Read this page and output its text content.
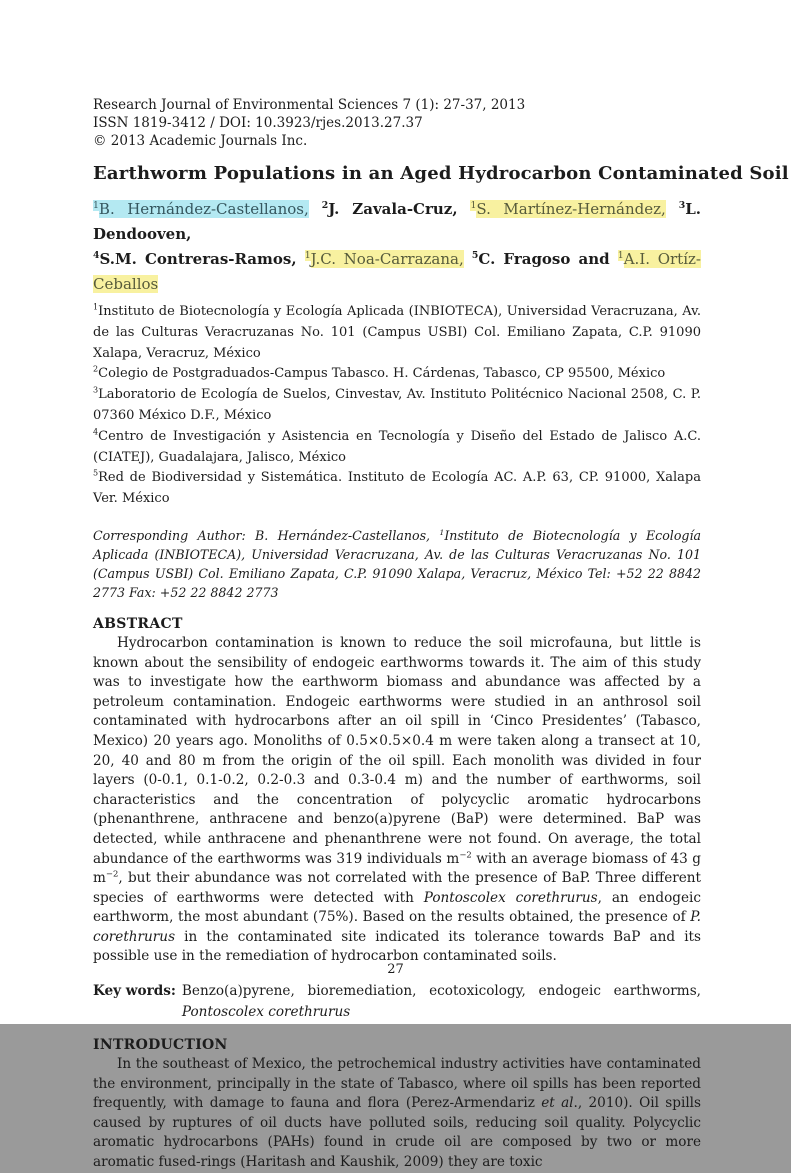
Research Journal of Environmental Sciences 7 (1): 27-37, 2013
ISSN 1819-3412 / DOI: 10.3923/rjes.2013.27.37
© 2013 Academic Journals Inc.
Earthworm Populations in an Aged Hydrocarbon Contaminated Soil
$^1$B. Hernández-Castellanos, $^2$J. Zavala-Cruz, $^1$S. Martínez-Hernández, $^3$L. Dendooven,
$^4$S.M. Contreras-Ramos, $^1$J.C. Noa-Carrazana, $^5$C. Fragoso and $^1$A.I. Ortíz-Ceballos
$^1$Instituto de Biotecnología y Ecología Aplicada (INBIOTECA), Universidad Veracruzana, Av. de las Culturas Veracruzanas No. 101 (Campus USBI) Col. Emiliano Zapata, C.P. 91090 Xalapa, Veracruz, México
$^2$Colegio de Postgraduados-Campus Tabasco. H. Cárdenas, Tabasco, CP 95500, México
$^3$Laboratorio de Ecología de Suelos, Cinvestav, Av. Instituto Politécnico Nacional 2508, C. P. 07360 México D.F., México
$^4$Centro de Investigación y Asistencia en Tecnología y Diseño del Estado de Jalisco A.C. (CIATEJ), Guadalajara, Jalisco, México
$^5$Red de Biodiversidad y Sistemática. Instituto de Ecología AC. A.P. 63, CP. 91000, Xalapa Ver. México
Corresponding Author: B. Hernández-Castellanos, $^1$Instituto de Biotecnología y Ecología Aplicada (INBIOTECA), Universidad Veracruzana, Av. de las Culturas Veracruzanas No. 101 (Campus USBI) Col. Emiliano Zapata, C.P. 91090 Xalapa, Veracruz, México Tel: +52 22 8842 2773 Fax: +52 22 8842 2773
ABSTRACT

Hydrocarbon contamination is known to reduce the soil microfauna, but little is known about the sensibility of endogeic earthworms towards it. The aim of this study was to investigate how the earthworm biomass and abundance was affected by a petroleum contamination. Endogeic earthworms were studied in an anthrosol soil contaminated with hydrocarbons after an oil spill in ‘Cinco Presidentes’ (Tabasco, Mexico) 20 years ago. Monoliths of 0.5×0.5×0.4 m were taken along a transect at 10, 20, 40 and 80 m from the origin of the oil spill. Each monolith was divided in four layers (0-0.1, 0.1-0.2, 0.2-0.3 and 0.3-0.4 m) and the number of earthworms, soil characteristics and the concentration of polycyclic aromatic hydrocarbons (phenanthrene, anthracene and benzo(a)pyrene (BaP) were determined. BaP was detected, while anthracene and phenanthrene were not found. On average, the total abundance of the earthworms was 319 individuals $m^{-2}$ with an average biomass of 43 g $m^{-2}$, but their abundance was not correlated with the presence of BaP. Three different species of earthworms were detected with Pontoscolex corethrurus, an endogeic earthworm, the most abundant (75%). Based on the results obtained, the presence of P. corethrurus in the contaminated site indicated its tolerance towards BaP and its possible use in the remediation of hydrocarbon contaminated soils.

Key words: Benzo(a)pyrene, bioremediation, ecotoxicology, endogeic earthworms,
Pontoscolex corethrurus
INTRODUCTION

In the southeast of Mexico, the petrochemical industry activities have contaminated the environment, principally in the state of Tabasco, where oil spills has been reported frequently, with damage to fauna and flora (Perez-Armendariz et al., 2010). Oil spills caused by ruptures of oil ducts have polluted soils, reducing soil quality. Polycyclic aromatic hydrocarbons (PAHs) found in crude oil are composed by two or more aromatic fused-rings (Haritash and Kaushik, 2009) they are toxic

27
